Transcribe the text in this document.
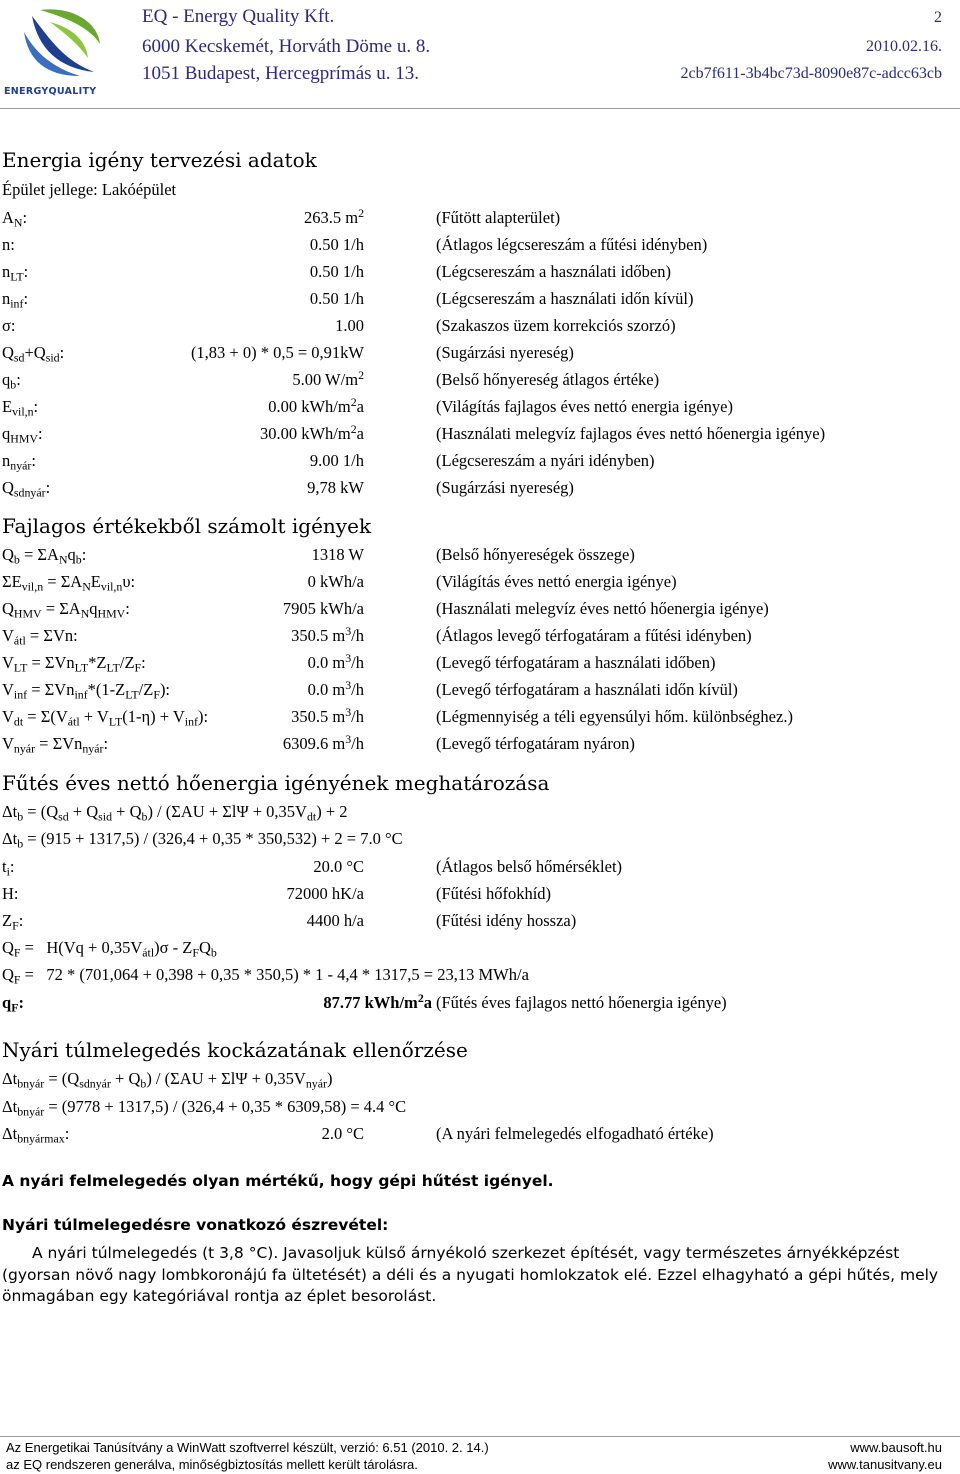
ENERGYQUALITY
EQ - Energy Quality Kft.
6000 Kecskemét, Horváth Döme u. 8.
1051 Budapest, Hercegprímás u. 13.
2
2010.02.16.
2cb7f611-3b4bc73d-8090e87c-adcc63cb
Energia igény tervezési adatok
Épület jellege: Lakóépület
$A_N$:	263.5 $m^2$	(Fűtött alapterület)
n:	0.50 1/h	(Átlagos légcsereszám a fűtési idényben)
$n_{LT}$:	0.50 1/h	(Légcsereszám a használati időben)
$n_{inf}$:	0.50 1/h	(Légcsereszám a használati időn kívül)
σ:	1.00	(Szakaszos üzem korrekciós szorzó)
$Q_{sd}+Q_{sid}$:	(1,83 + 0) * 0,5 = 0,91kW	(Sugárzási nyereség)
$q_b$:	5.00 $W/m^2$	(Belső hőnyereség átlagos értéke)
$E_{vil,n}$:	0.00 kWh/$m^2a$	(Világítás fajlagos éves nettó energia igénye)
$q_{HMV}$:	30.00 kWh/$m^2a$	(Használati melegvíz fajlagos éves nettó hőenergia igénye)
$n_{nyár}$:	9.00 1/h	(Légcsereszám a nyári idényben)
$Q_{sdnyár}$:	9,78 kW	(Sugárzási nyereség)
Fajlagos értékekből számolt igények
$Q_b = \Sigma A_Nq_b$:	1318 W	(Belső hőnyereségek összege)
$\Sigma E_{vil,n} = \Sigma A_NE_{vil,n}\upsilon$:	0 kWh/a	(Világítás éves nettó energia igénye)
$Q_{HMV} = \Sigma A_Nq_{HMV}$:	7905 kWh/a	(Használati melegvíz éves nettó hőenergia igénye)
$V_{átl} = \Sigma Vn$:	350.5 $m^3/h$	(Átlagos levegő térfogatáram a fűtési idényben)
$V_{LT} = \Sigma Vn_{LT}*Z_{LT}/Z_F$:	0.0 $m^3/h$	(Levegő térfogatáram a használati időben)
$V_{inf} = \Sigma Vn_{inf}*(1-Z_{LT}/Z_F)$:	0.0 $m^3/h$	(Levegő térfogatáram a használati időn kívül)
$V_{dt} = \Sigma(V_{átl} + V_{LT}(1-\eta) + V_{inf})$:	350.5 $m^3/h$	(Légmennyiség a téli egyensúlyi hőm. különbséghez.)
$V_{nyár} = \Sigma Vn_{nyár}$:	6309.6 $m^3/h$	(Levegő térfogatáram nyáron)
Fűtés éves nettó hőenergia igényének meghatározása
$\Delta t_b = (Q_{sd} + Q_{sid} + Q_b) / (\Sigma AU + \Sigma l\Psi + 0,35V_{dt}) + 2$
$\Delta t_b = (915 + 1317,5) / (326,4 + 0,35 * 350,532) + 2 = 7.0$ °C
$t_i$:	20.0 °C	(Átlagos belső hőmérséklet)
H:	72000 hK/a	(Fűtési hőfokhíd)
$Z_F$:	4400 h/a	(Fűtési idény hossza)
$Q_F = H(Vq + 0,35V_{átl})\sigma - Z_FQ_b$
$Q_F = 72 * (701,064 + 0,398 + 0,35 * 350,5) * 1 - 4,4 * 1317,5 = 23,13$ MWh/a
$q_F$:	87.77 kWh/$m^2a$ (Fűtés éves fajlagos nettó hőenergia igénye)
Nyári túlmelegedés kockázatának ellenőrzése
$\Delta t_{bnyár} = (Q_{sdnyár} + Q_b) / (\Sigma AU + \Sigma l\Psi + 0,35V_{nyár})$
$\Delta t_{bnyár} = (9778 + 1317,5) / (326,4 + 0,35 * 6309,58) = 4.4$ °C
$\Delta t_{bnyármax}$:	2.0 °C	(A nyári felmelegedés elfogadható értéke)
A nyári felmelegedés olyan mértékű, hogy gépi hűtést igényel.
Nyári túlmelegedésre vonatkozó észrevétel:
A nyári túlmelegedés (t 3,8 °C). Javasoljuk külső árnyékoló szerkezet építését, vagy természetes árnyékképzést (gyorsan növő nagy lombkoronájú fa ültetését) a déli és a nyugati homlokzatok elé. Ezzel elhagyható a gépi hűtés, mely önmagában egy kategóriával rontja az éplet besorolást.
Az Energetikai Tanúsítvány a WinWatt szoftverrel készült, verzió: 6.51 (2010. 2. 14.)
az EQ rendszeren generálva, minőségbiztosítás mellett került tárolásra.
www.bausoft.hu
www.tanusitvany.eu
